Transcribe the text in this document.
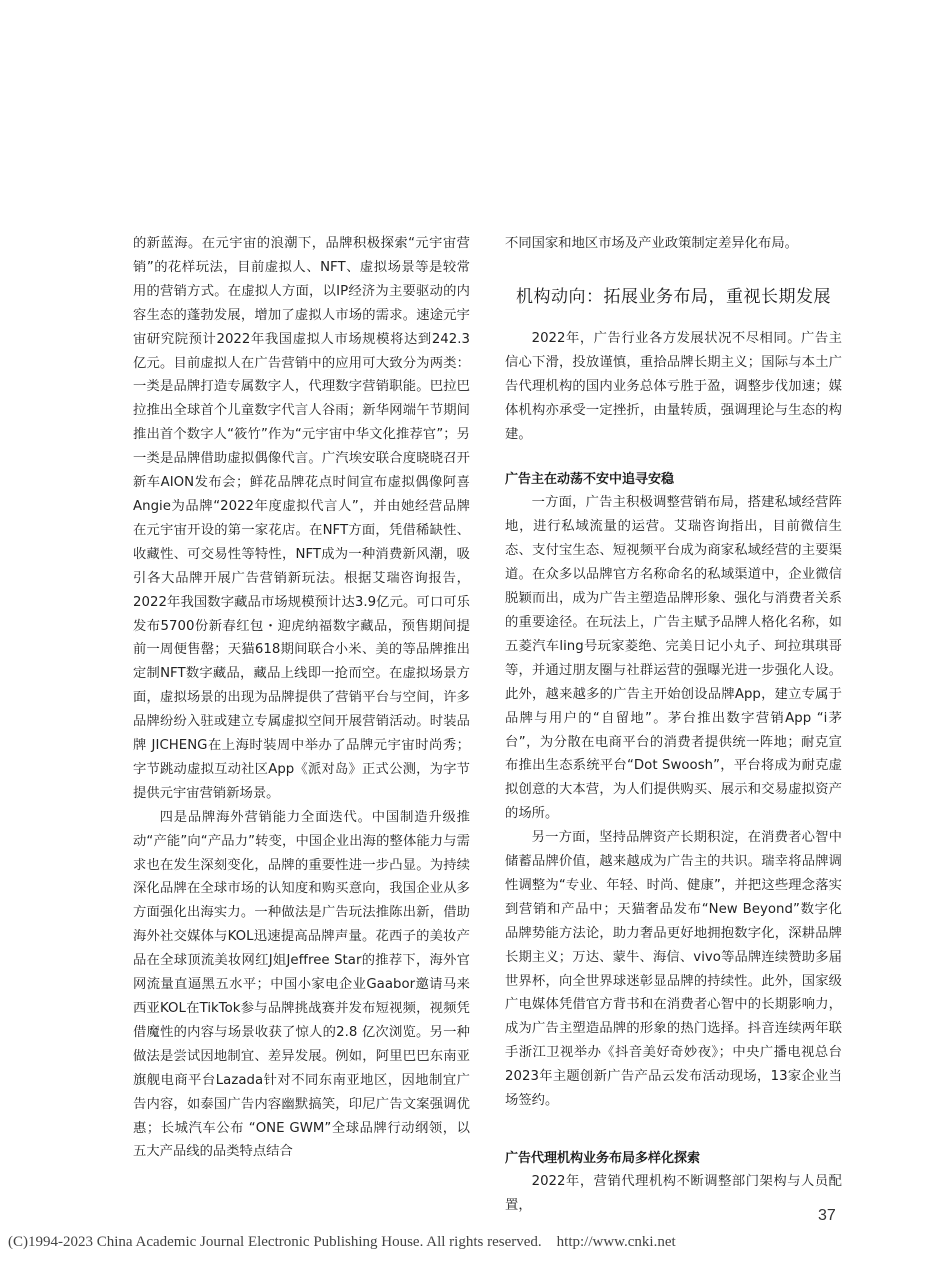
的新蓝海。在元宇宙的浪潮下，品牌积极探索“元宇宙营销”的花样玩法，目前虚拟人、NFT、虚拟场景等是较常用的营销方式。在虚拟人方面，以IP经济为主要驱动的内容生态的蓬勃发展，增加了虚拟人市场的需求。速途元宇宙研究院预计2022年我国虚拟人市场规模将达到242.3亿元。目前虚拟人在广告营销中的应用可大致分为两类：一类是品牌打造专属数字人，代理数字营销职能。巴拉巴拉推出全球首个儿童数字代言人谷雨；新华网端午节期间推出首个数字人“筱竹”作为“元宇宙中华文化推荐官”；另一类是品牌借助虚拟偶像代言。广汽埃安联合度晓晓召开新车AION发布会；鲜花品牌花点时间宣布虚拟偶像阿喜Angie为品牌“2022年度虚拟代言人”，并由她经营品牌在元宇宙开设的第一家花店。在NFT方面，凭借稀缺性、收藏性、可交易性等特性，NFT成为一种消费新风潮，吸引各大品牌开展广告营销新玩法。根据艾瑞咨询报告，2022年我国数字藏品市场规模预计达3.9亿元。可口可乐发布5700份新春红包・迎虎纳福数字藏品，预售期间提前一周便售罄；天猫618期间联合小米、美的等品牌推出定制NFT数字藏品，藏品上线即一抢而空。在虚拟场景方面，虚拟场景的出现为品牌提供了营销平台与空间，许多品牌纷纷入驻或建立专属虚拟空间开展营销活动。时装品牌 JICHENG在上海时装周中举办了品牌元宇宙时尚秀；字节跳动虚拟互动社区App《派对岛》正式公测，为字节提供元宇宙营销新场景。

四是品牌海外营销能力全面迭代。中国制造升级推动“产能”向“产品力”转变，中国企业出海的整体能力与需求也在发生深刻变化，品牌的重要性进一步凸显。为持续深化品牌在全球市场的认知度和购买意向，我国企业从多方面强化出海实力。一种做法是广告玩法推陈出新，借助海外社交媒体与KOL迅速提高品牌声量。花西子的美妆产品在全球顶流美妆网红J姐Jeffree Star的推荐下，海外官网流量直逼黑五水平；中国小家电企业Gaabor邀请马来西亚KOL在TikTok参与品牌挑战赛并发布短视频，视频凭借魔性的内容与场景收获了惊人的2.8 亿次浏览。另一种做法是尝试因地制宜、差异发展。例如，阿里巴巴东南亚旗舰电商平台Lazada针对不同东南亚地区，因地制宜广告内容，如泰国广告内容幽默搞笑，印尼广告文案强调优惠；长城汽车公布 “ONE GWM”全球品牌行动纲领，以五大产品线的品类特点结合

不同国家和地区市场及产业政策制定差异化布局。

机构动向：拓展业务布局，重视长期发展

2022年，广告行业各方发展状况不尽相同。广告主信心下滑，投放谨慎，重拾品牌长期主义；国际与本土广告代理机构的国内业务总体亏胜于盈，调整步伐加速；媒体机构亦承受一定挫折，由量转质，强调理论与生态的构建。

广告主在动荡不安中追寻安稳

一方面，广告主积极调整营销布局，搭建私域经营阵地，进行私域流量的运营。艾瑞咨询指出，目前微信生态、支付宝生态、短视频平台成为商家私域经营的主要渠道。在众多以品牌官方名称命名的私域渠道中，企业微信脱颖而出，成为广告主塑造品牌形象、强化与消费者关系的重要途径。在玩法上，广告主赋予品牌人格化名称，如五菱汽车ling号玩家菱绝、完美日记小丸子、珂拉琪琪哥等，并通过朋友圈与社群运营的强曝光进一步强化人设。此外，越来越多的广告主开始创设品牌App，建立专属于品牌与用户的“自留地”。茅台推出数字营销App “i茅台”，为分散在电商平台的消费者提供统一阵地；耐克宣布推出生态系统平台“Dot Swoosh”，平台将成为耐克虚拟创意的大本营，为人们提供购买、展示和交易虚拟资产的场所。

另一方面，坚持品牌资产长期积淀，在消费者心智中储蓄品牌价值，越来越成为广告主的共识。瑞幸将品牌调性调整为“专业、年轻、时尚、健康”，并把这些理念落实到营销和产品中；天猫奢品发布“New Beyond”数字化品牌势能方法论，助力奢品更好地拥抱数字化，深耕品牌长期主义；万达、蒙牛、海信、vivo等品牌连续赞助多届世界杯，向全世界球迷彰显品牌的持续性。此外，国家级广电媒体凭借官方背书和在消费者心智中的长期影响力，成为广告主塑造品牌的形象的热门选择。抖音连续两年联手浙江卫视举办《抖音美好奇妙夜》；中央广播电视总台2023年主题创新广告产品云发布活动现场，13家企业当场签约。

广告代理机构业务布局多样化探索

2022年，营销代理机构不断调整部门架构与人员配置，

37
(C)1994-2023 China Academic Journal Electronic Publishing House. All rights reserved.    http://www.cnki.net
